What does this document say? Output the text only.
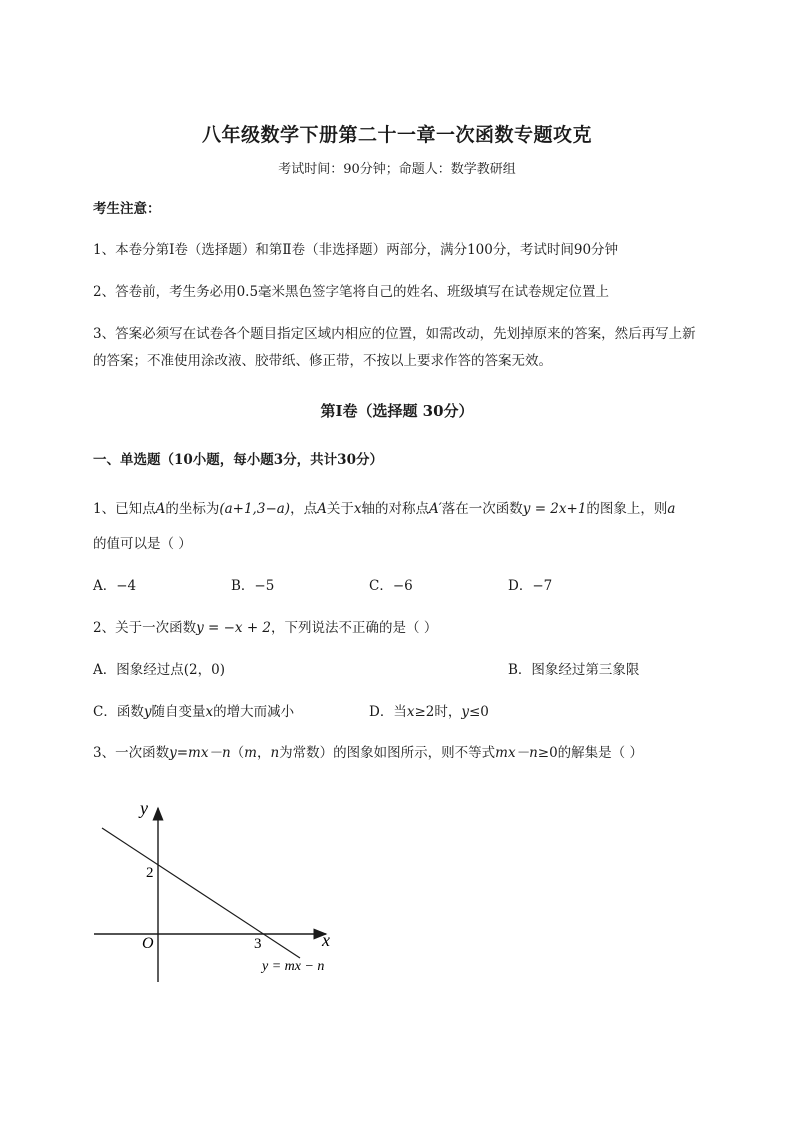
八年级数学下册第二十一章一次函数专题攻克
考试时间：90分钟；命题人：数学教研组
考生注意：
1、本卷分第I卷（选择题）和第Ⅱ卷（非选择题）两部分，满分100分，考试时间90分钟
2、答卷前，考生务必用0.5毫米黑色签字笔将自己的姓名、班级填写在试卷规定位置上
3、答案必须写在试卷各个题目指定区域内相应的位置，如需改动，先划掉原来的答案，然后再写上新
的答案；不准使用涂改液、胶带纸、修正带，不按以上要求作答的答案无效。
第I卷（选择题 30分）
一、单选题（10小题，每小题3分，共计30分）
1、已知点A的坐标为(a+1,3−a)，点A关于x轴的对称点A′落在一次函数y = 2x+1的图象上，则a
的值可以是（ ）
A．−4	B．−5	C．−6	D．−7
2、关于一次函数y = −x + 2，下列说法不正确的是（ ）
A．图象经过点(2，0)	B．图象经过第三象限
C．函数y随自变量x的增大而减小	D．当x≥2时，y≤0
3、一次函数y=mx－n（m，n为常数）的图象如图所示，则不等式mx－n≥0的解集是（ ）
y
x
O
2
3
y = mx − n
